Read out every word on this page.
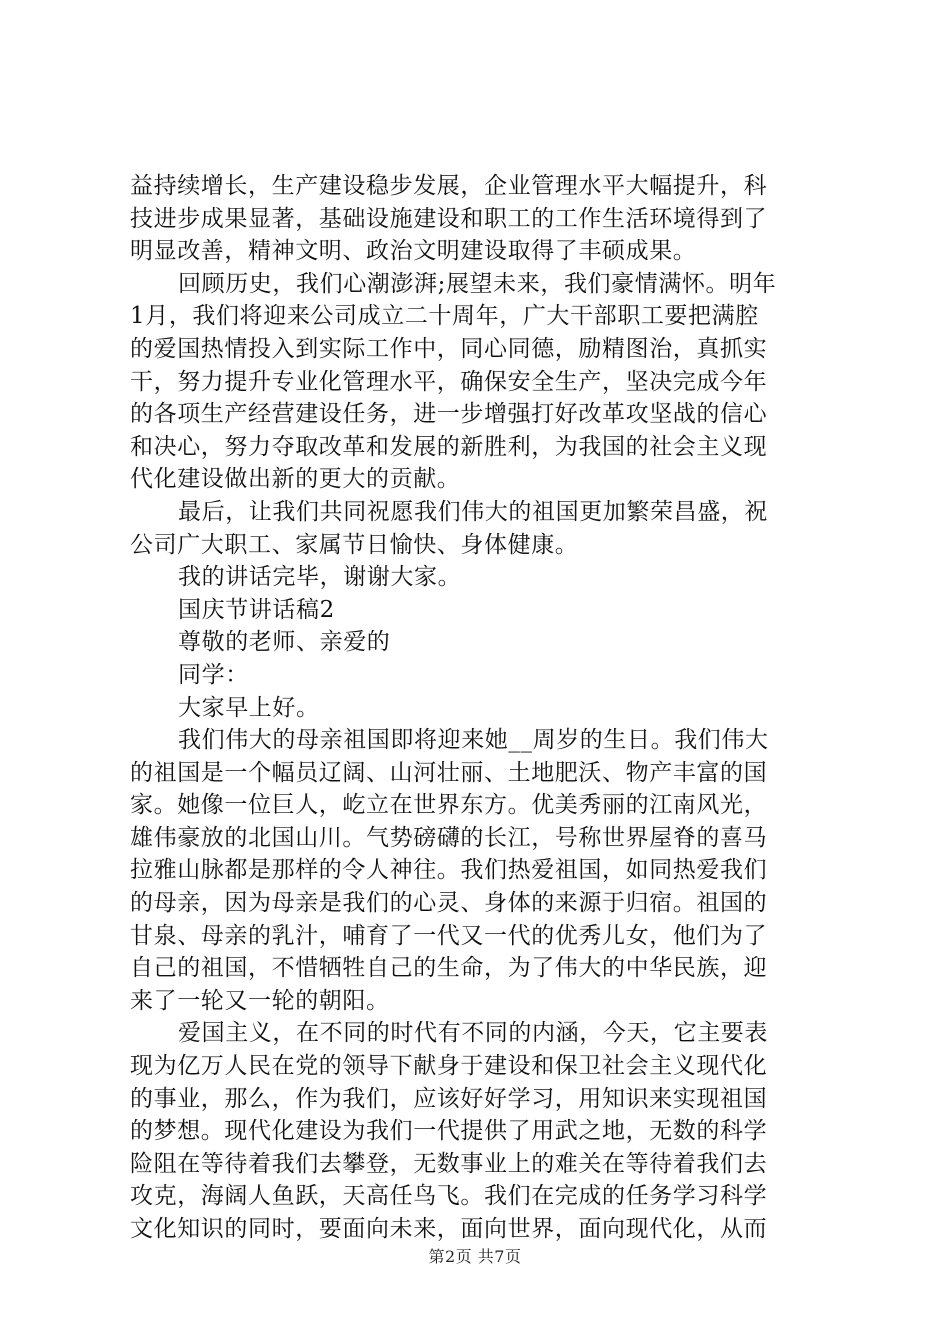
益持续增长，生产建设稳步发展，企业管理水平大幅提升，科
技进步成果显著，基础设施建设和职工的工作生活环境得到了
明显改善，精神文明、政治文明建设取得了丰硕成果。
回顾历史，我们心潮澎湃;展望未来，我们豪情满怀。明年
1月，我们将迎来公司成立二十周年，广大干部职工要把满腔
的爱国热情投入到实际工作中，同心同德，励精图治，真抓实
干，努力提升专业化管理水平，确保安全生产，坚决完成今年
的各项生产经营建设任务，进一步增强打好改革攻坚战的信心
和决心，努力夺取改革和发展的新胜利，为我国的社会主义现
代化建设做出新的更大的贡献。
最后，让我们共同祝愿我们伟大的祖国更加繁荣昌盛，祝
公司广大职工、家属节日愉快、身体健康。
我的讲话完毕，谢谢大家。
国庆节讲话稿2
尊敬的老师、亲爱的
同学：
大家早上好。
我们伟大的母亲祖国即将迎来她__周岁的生日。我们伟大
的祖国是一个幅员辽阔、山河壮丽、土地肥沃、物产丰富的国
家。她像一位巨人，屹立在世界东方。优美秀丽的江南风光，
雄伟豪放的北国山川。气势磅礴的长江，号称世界屋脊的喜马
拉雅山脉都是那样的令人神往。我们热爱祖国，如同热爱我们
的母亲，因为母亲是我们的心灵、身体的来源于归宿。祖国的
甘泉、母亲的乳汁，哺育了一代又一代的优秀儿女，他们为了
自己的祖国，不惜牺牲自己的生命，为了伟大的中华民族，迎
来了一轮又一轮的朝阳。
爱国主义，在不同的时代有不同的内涵，今天，它主要表
现为亿万人民在党的领导下献身于建设和保卫社会主义现代化
的事业，那么，作为我们，应该好好学习，用知识来实现祖国
的梦想。现代化建设为我们一代提供了用武之地，无数的科学
险阻在等待着我们去攀登，无数事业上的难关在等待着我们去
攻克，海阔人鱼跃，天高任鸟飞。我们在完成的任务学习科学
文化知识的同时，要面向未来，面向世界，面向现代化，从而
第2页 共7页
